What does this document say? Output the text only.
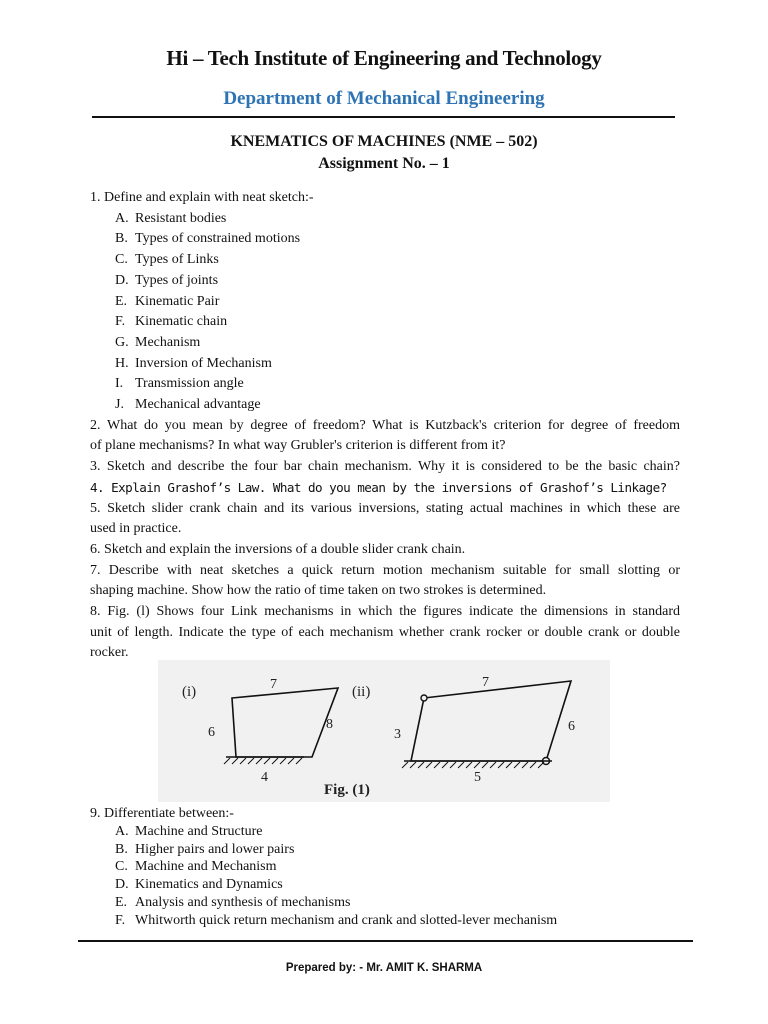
Hi – Tech Institute of Engineering and Technology
Department of Mechanical Engineering
KNEMATICS OF MACHINES (NME – 502)
Assignment No. – 1
1. Define and explain with neat sketch:-
A. Resistant bodies
B. Types of constrained motions
C. Types of Links
D. Types of joints
E. Kinematic Pair
F. Kinematic chain
G. Mechanism
H. Inversion of Mechanism
I. Transmission angle
J. Mechanical advantage
2. What do you mean by degree of freedom? What is Kutzback's criterion for degree of freedom
of plane mechanisms? In what way Grubler's criterion is different from it?
3. Sketch and describe the four bar chain mechanism. Why it is considered to be the basic chain?
4. Explain Grashof’s Law. What do you mean by the inversions of Grashof’s Linkage?
5. Sketch slider crank chain and its various inversions, stating actual machines in which these are
used in practice.
6. Sketch and explain the inversions of a double slider crank chain.
7. Describe with neat sketches a quick return motion mechanism suitable for small slotting or
shaping machine. Show how the ratio of time taken on two strokes is determined.
8. Fig. (l) Shows four Link mechanisms in which the figures indicate the dimensions in standard
unit of length. Indicate the type of each mechanism whether crank rocker or double crank or double
rocker.
(i)	7
6
8
4
(ii)
7
3
6
5
Fig. (1)
9. Differentiate between:-
A. Machine and Structure
B. Higher pairs and lower pairs
C. Machine and Mechanism
D. Kinematics and Dynamics
E. Analysis and synthesis of mechanisms
F. Whitworth quick return mechanism and crank and slotted-lever mechanism
Prepared by: - Mr. AMIT K. SHARMA
